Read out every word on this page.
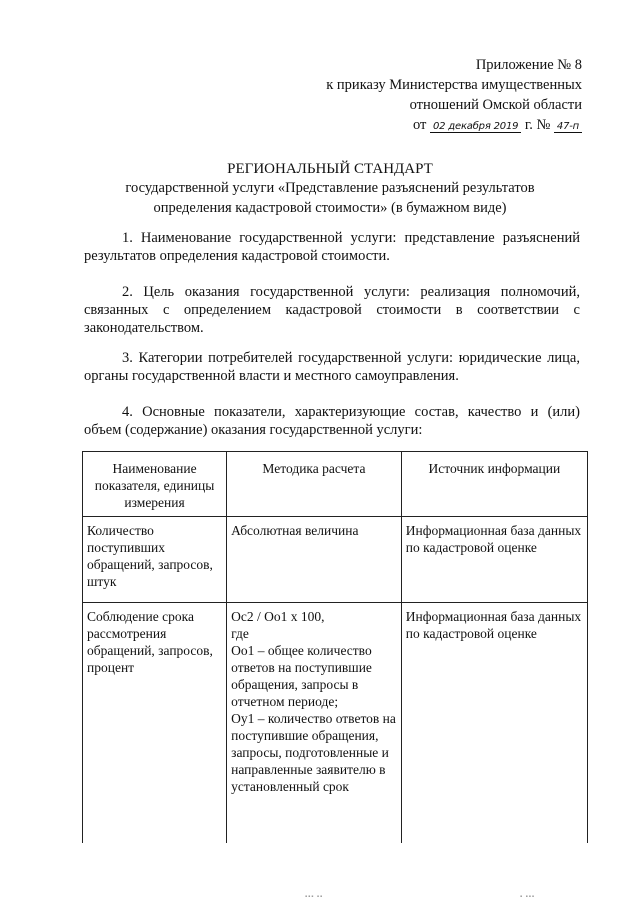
Приложение № 8
к приказу Министерства имущественных
отношений Омской области
от 02 декабря 2019 г. № 47-п
РЕГИОНАЛЬНЫЙ СТАНДАРТ
государственной услуги «Представление разъяснений результатов
определения кадастровой стоимости» (в бумажном виде)
1. Наименование государственной услуги: представление разъяснений результатов определения кадастровой стоимости.
2. Цель оказания государственной услуги: реализация полномочий, связанных с определением кадастровой стоимости в соответствии с законодательством.
3. Категории потребителей государственной услуги: юридические лица, органы государственной власти и местного самоуправления.
4. Основные показатели, характеризующие состав, качество и (или) объем (содержание) оказания государственной услуги:
Наименование показателя, единицы измерения	Методика расчета	Источник информации
Количество поступивших обращений, запросов, штук	Абсолютная величина	Информационная база данных по кадастровой оценке
Соблюдение срока рассмотрения обращений, запросов, процент	Ос2 / Оо1 х 100,
где
Оо1 – общее количество ответов на поступившие обращения, запросы в отчетном периоде;
Оу1 – количество ответов на поступившие обращения, запросы, подготовленные и направленные заявителю в установленный срок	Информационная база данных по кадастровой оценке
▪▪▪ ▪▪	▪ ▪▪▪
